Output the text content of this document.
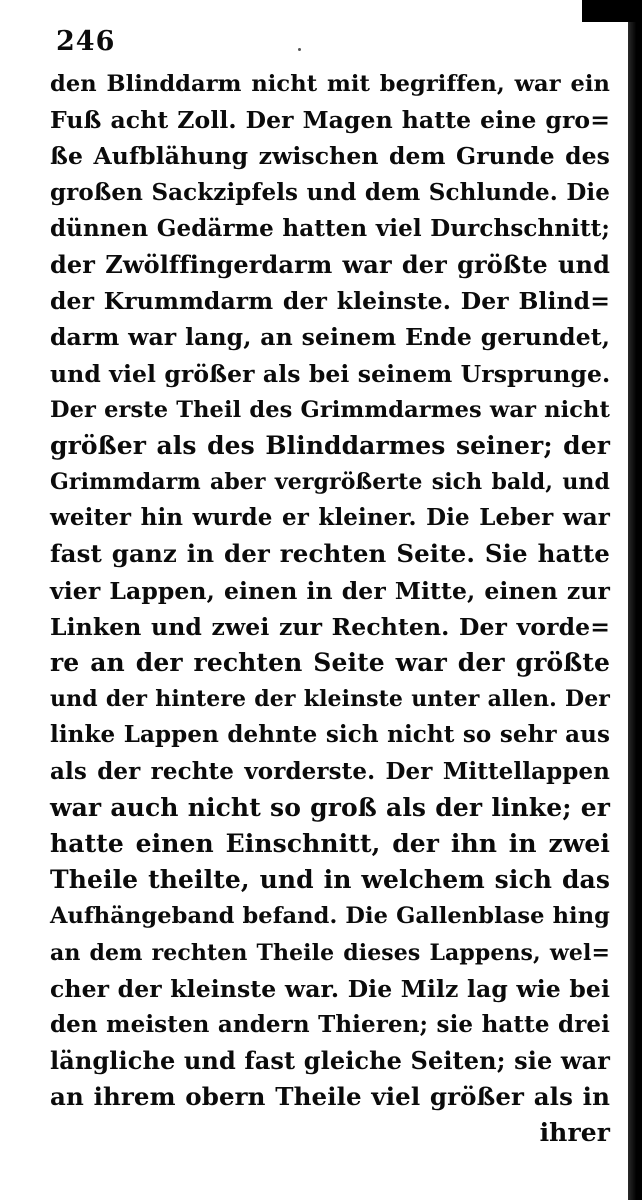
246
den Blinddarm nicht mit begriffen, war ein
Fuß acht Zoll. Der Magen hatte eine gro=
ße Aufblähung zwischen dem Grunde des
großen Sackzipfels und dem Schlunde. Die
dünnen Gedärme hatten viel Durchschnitt;
der Zwölffingerdarm war der größte und
der Krummdarm der kleinste. Der Blind=
darm war lang, an seinem Ende gerundet,
und viel größer als bei seinem Ursprunge.
Der erste Theil des Grimmdarmes war nicht
größer als des Blinddarmes seiner; der
Grimmdarm aber vergrößerte sich bald, und
weiter hin wurde er kleiner. Die Leber war
fast ganz in der rechten Seite. Sie hatte
vier Lappen, einen in der Mitte, einen zur
Linken und zwei zur Rechten. Der vorde=
re an der rechten Seite war der größte
und der hintere der kleinste unter allen. Der
linke Lappen dehnte sich nicht so sehr aus
als der rechte vorderste. Der Mittellappen
war auch nicht so groß als der linke; er
hatte einen Einschnitt, der ihn in zwei
Theile theilte, und in welchem sich das
Aufhängeband befand. Die Gallenblase hing
an dem rechten Theile dieses Lappens, wel=
cher der kleinste war. Die Milz lag wie bei
den meisten andern Thieren; sie hatte drei
längliche und fast gleiche Seiten; sie war
an ihrem obern Theile viel größer als in
ihrer
